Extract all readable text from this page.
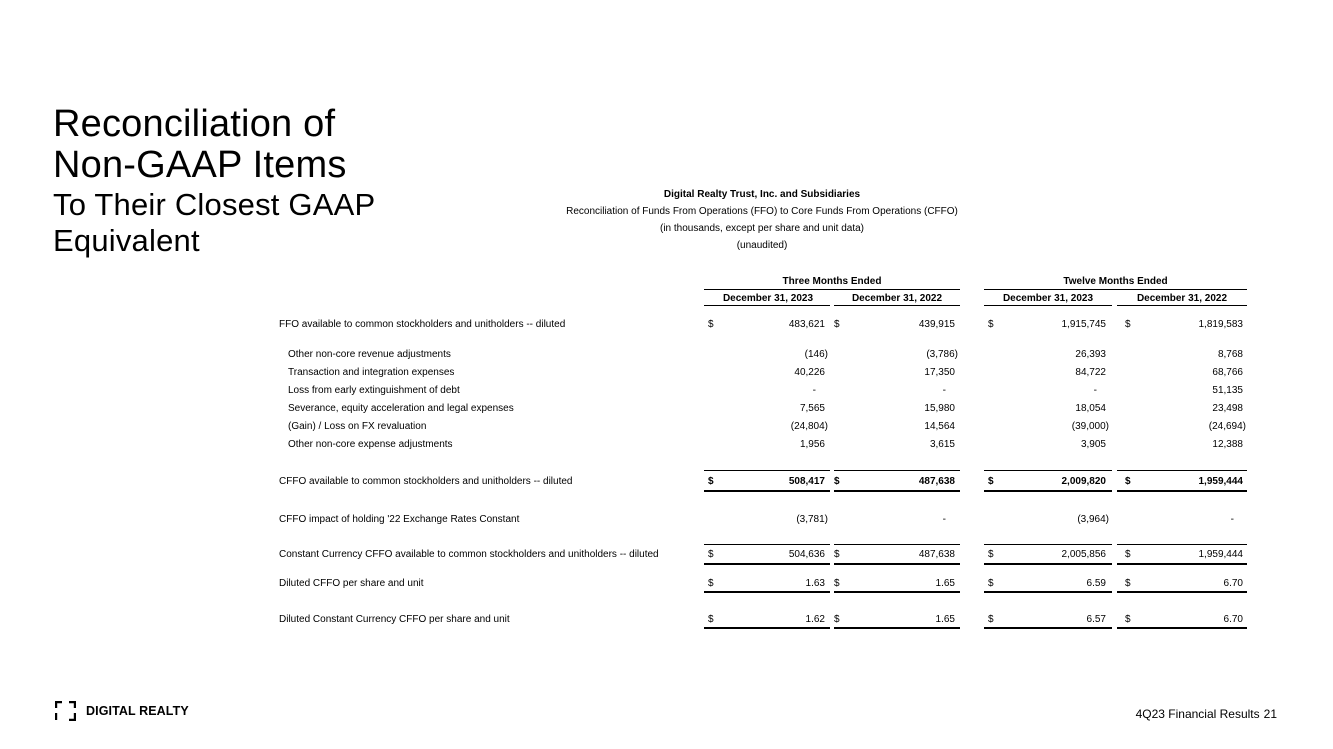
Reconciliation of
Non-GAAP Items
To Their Closest GAAP
Equivalent
Digital Realty Trust, Inc. and Subsidiaries
Reconciliation of Funds From Operations (FFO) to Core Funds From Operations (CFFO)
(in thousands, except per share and unit data)
(unaudited)
Three Months Ended	Twelve Months Ended
December 31, 2023	December 31, 2022	December 31, 2023	December 31, 2022
FFO available to common stockholders and unitholders -- diluted	$	483,621 $	439,915	$	1,915,745 $	1,819,583
Other non-core revenue adjustments	(146)	(3,786)	26,393	8,768
Transaction and integration expenses	40,226	17,350	84,722	68,766
Loss from early extinguishment of debt	-	-	-	51,135
Severance, equity acceleration and legal expenses	7,565	15,980	18,054	23,498
(Gain) / Loss on FX revaluation	(24,804)	14,564	(39,000)	(24,694)
Other non-core expense adjustments	1,956	3,615	3,905	12,388
CFFO available to common stockholders and unitholders -- diluted	$	508,417 $	487,638	$	2,009,820 $	1,959,444
CFFO impact of holding '22 Exchange Rates Constant	(3,781)	-	(3,964)	-
Constant Currency CFFO available to common stockholders and unitholders -- diluted	$	504,636 $	487,638	$	2,005,856 $	1,959,444
Diluted CFFO per share and unit	$	1.63 $	1.65	$	6.59 $	6.70
Diluted Constant Currency CFFO per share and unit	$	1.62 $	1.65	$	6.57 $	6.70
DIGITAL REALTY	4Q23 Financial Results 21
